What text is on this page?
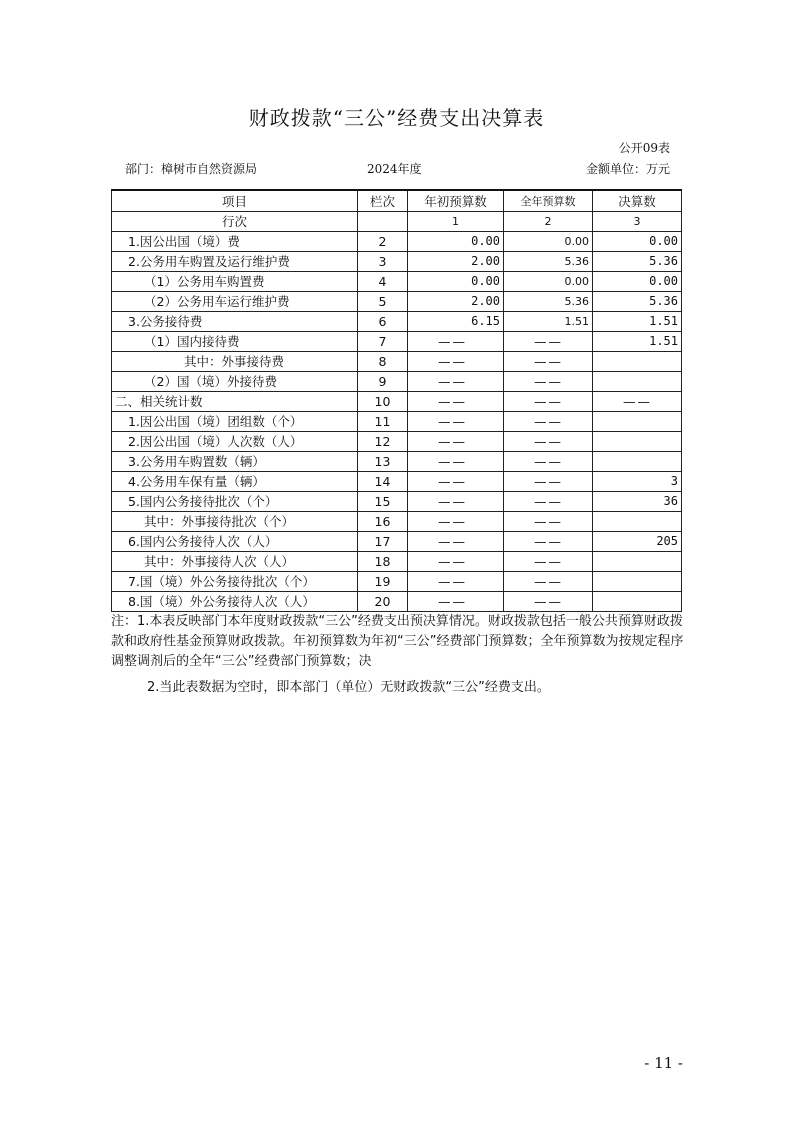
财政拨款“三公”经费支出决算表
公开09表
部门：樟树市自然资源局	2024年度	金额单位：万元
项目	栏次	年初预算数	全年预算数	决算数
行次		1	2	3
1.因公出国（境）费	2	0.00	0.00	0.00
2.公务用车购置及运行维护费	3	2.00	5.36	5.36
（1）公务用车购置费	4	0.00	0.00	0.00
（2）公务用车运行维护费	5	2.00	5.36	5.36
3.公务接待费	6	6.15	1.51	1.51
（1）国内接待费	7	——	——	1.51
其中：外事接待费	8	——	——	
（2）国（境）外接待费	9	——	——	
二、相关统计数	10	——	——	——
1.因公出国（境）团组数（个）	11	——	——	
2.因公出国（境）人次数（人）	12	——	——	
3.公务用车购置数（辆）	13	——	——	
4.公务用车保有量（辆）	14	——	——	3
5.国内公务接待批次（个）	15	——	——	36
其中：外事接待批次（个）	16	——	——	
6.国内公务接待人次（人）	17	——	——	205
其中：外事接待人次（人）	18	——	——	
7.国（境）外公务接待批次（个）	19	——	——	
8.国（境）外公务接待人次（人）	20	——	——	

注：1.本表反映部门本年度财政拨款“三公”经费支出预决算情况。财政拨款包括一般公共预算财政拨款和政府性基金预算财政拨款。年初预算数为年初“三公”经费部门预算数；全年预算数为按规定程序调整调剂后的全年“三公”经费部门预算数；决

2.当此表数据为空时，即本部门（单位）无财政拨款“三公”经费支出。

- 11 -
